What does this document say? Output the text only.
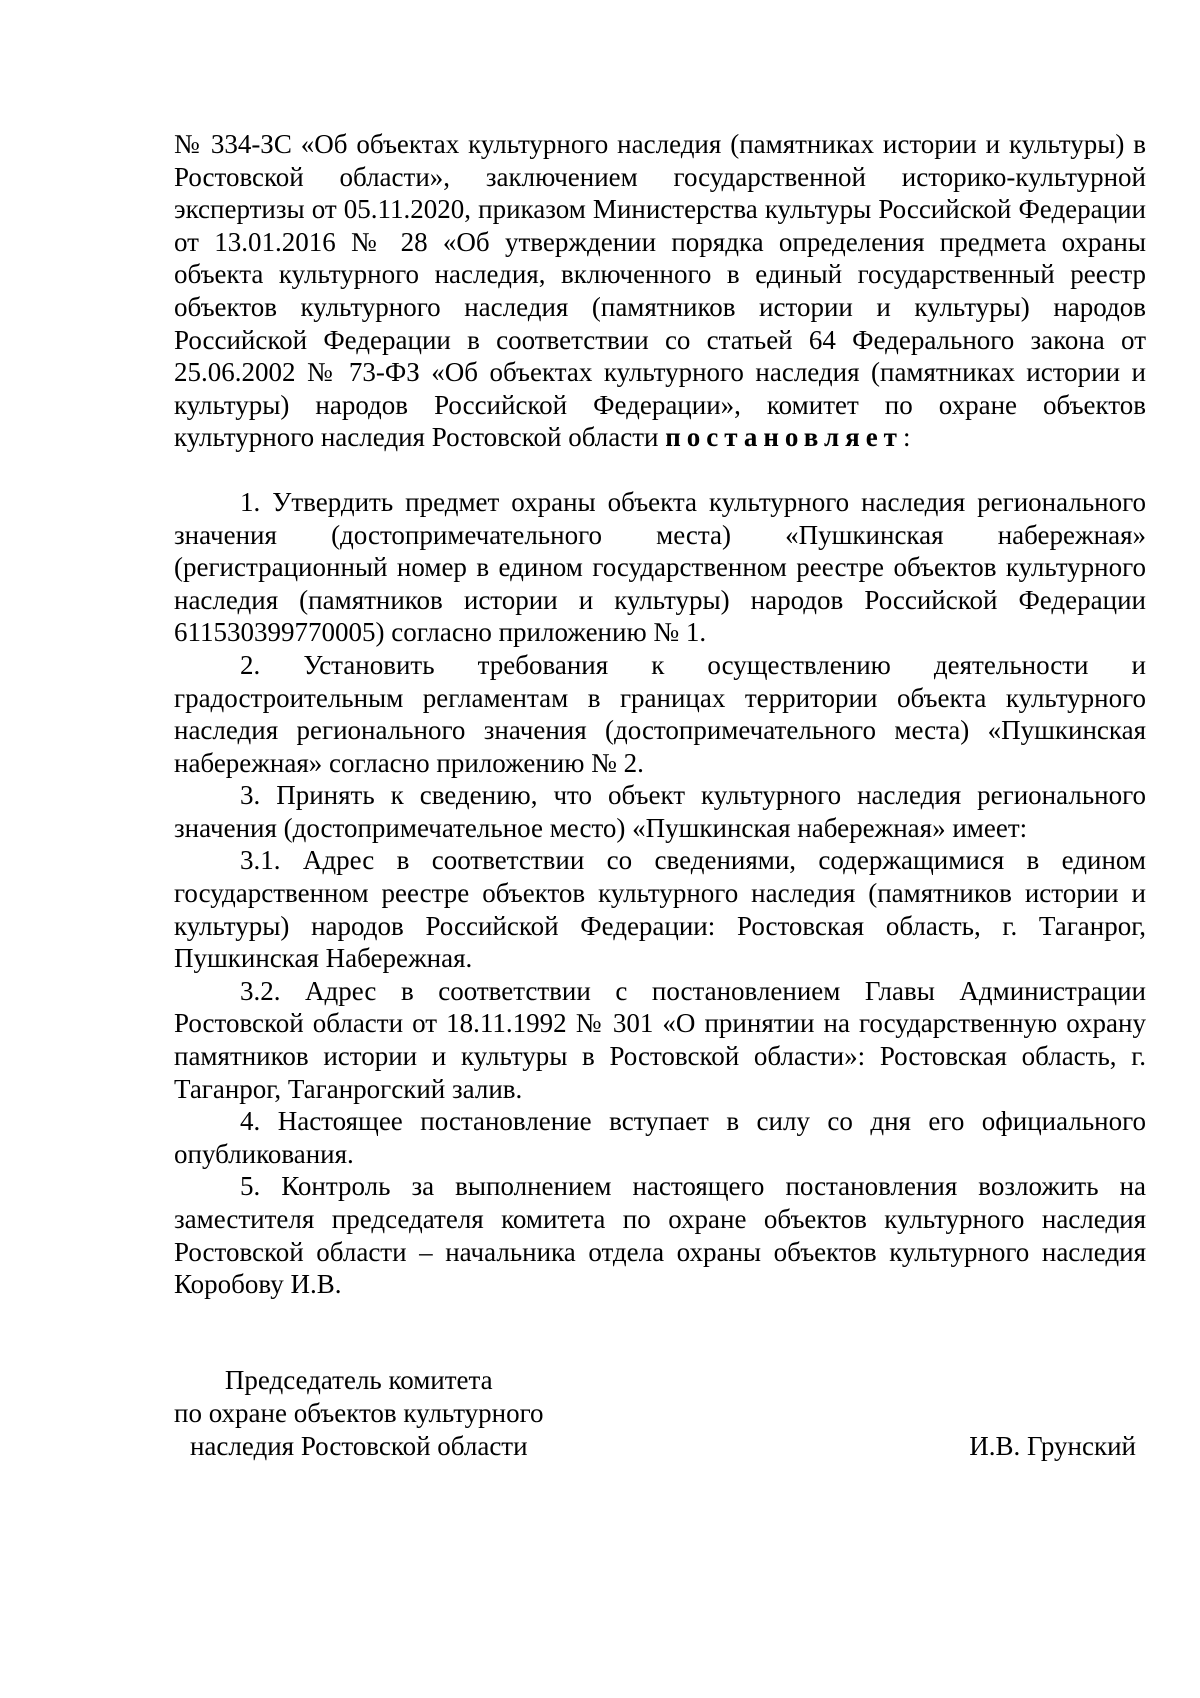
№ 334-ЗС «Об объектах культурного наследия (памятниках истории и культуры) в Ростовской области», заключением государственной историко-культурной экспертизы от 05.11.2020, приказом Министерства культуры Российской Федерации от 13.01.2016 № 28 «Об утверждении порядка определения предмета охраны объекта культурного наследия, включенного в единый государственный реестр объектов культурного наследия (памятников истории и культуры) народов Российской Федерации в соответствии со статьей 64 Федерального закона от 25.06.2002 № 73-ФЗ «Об объектах культурного наследия (памятниках истории и культуры) народов Российской Федерации», комитет по охране объектов культурного наследия Ростовской области постановляет:

1. Утвердить предмет охраны объекта культурного наследия регионального значения (достопримечательного места) «Пушкинская набережная» (регистрационный номер в едином государственном реестре объектов культурного наследия (памятников истории и культуры) народов Российской Федерации 611530399770005) согласно приложению № 1.

2. Установить требования к осуществлению деятельности и градостроительным регламентам в границах территории объекта культурного наследия регионального значения (достопримечательного места) «Пушкинская набережная» согласно приложению № 2.

3. Принять к сведению, что объект культурного наследия регионального значения (достопримечательное место) «Пушкинская набережная» имеет:

3.1. Адрес в соответствии со сведениями, содержащимися в едином государственном реестре объектов культурного наследия (памятников истории и культуры) народов Российской Федерации: Ростовская область, г. Таганрог, Пушкинская Набережная.

3.2. Адрес в соответствии с постановлением Главы Администрации Ростовской области от 18.11.1992 № 301 «О принятии на государственную охрану памятников истории и культуры в Ростовской области»: Ростовская область, г. Таганрог, Таганрогский залив.

4. Настоящее постановление вступает в силу со дня его официального опубликования.

5. Контроль за выполнением настоящего постановления возложить на заместителя председателя комитета по охране объектов культурного наследия Ростовской области – начальника отдела охраны объектов культурного наследия Коробову И.В.

Председатель комитета
по охране объектов культурного
наследия Ростовской области	И.В. Грунский
